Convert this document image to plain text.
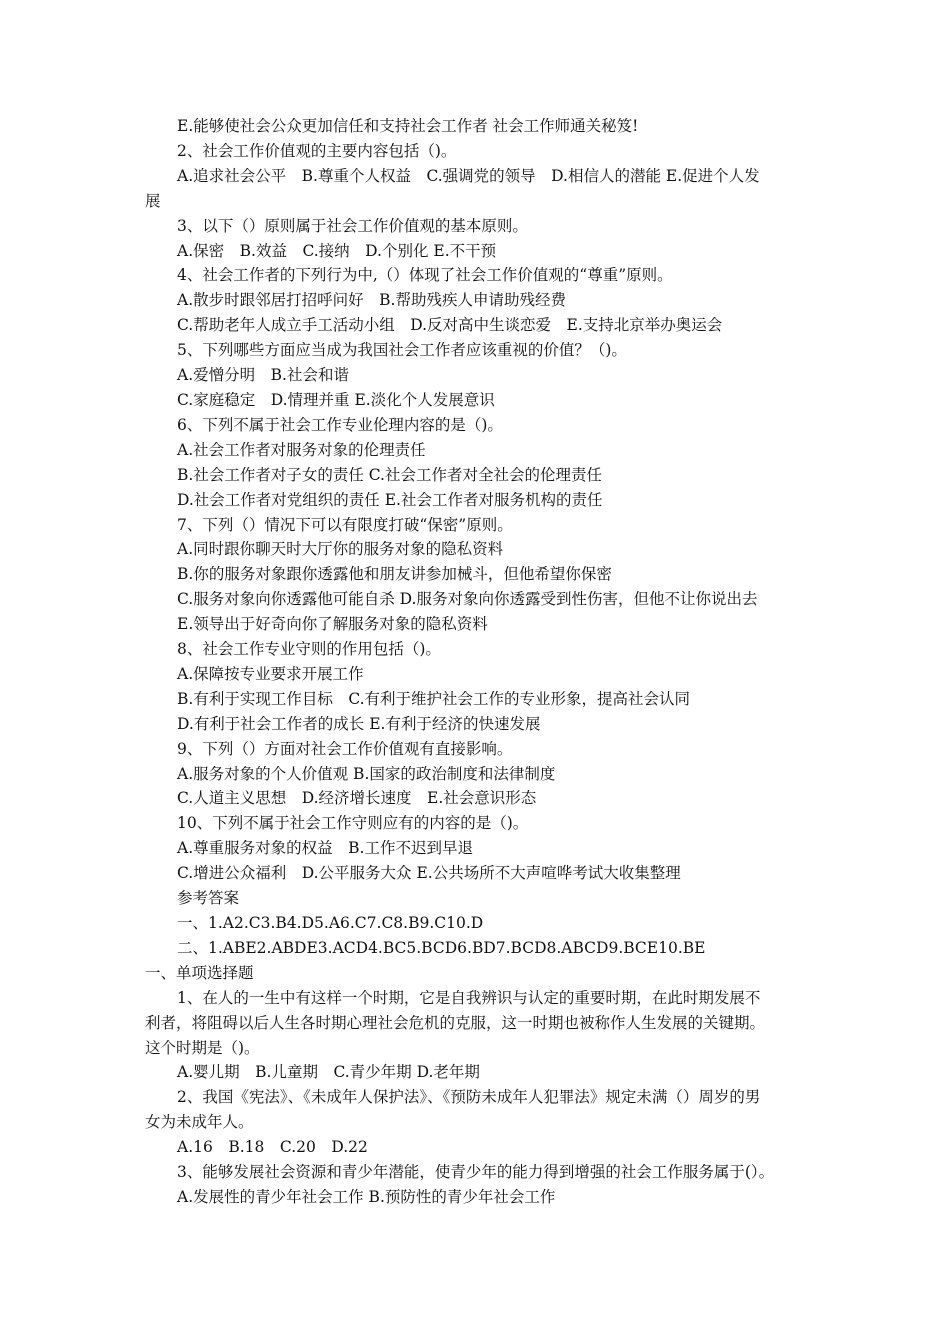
E.能够使社会公众更加信任和支持社会工作者 社会工作师通关秘笈!
2、社会工作价值观的主要内容包括（)。
A.追求社会公平　B.尊重个人权益　C.强调党的领导　D.相信人的潜能 E.促进个人发
展
3、以下（）原则属于社会工作价值观的基本原则。
A.保密　B.效益　C.接纳　D.个别化 E.不干预
4、社会工作者的下列行为中,（）体现了社会工作价值观的“尊重”原则。
A.散步时跟邻居打招呼问好　B.帮助残疾人申请助残经费
C.帮助老年人成立手工活动小组　D.反对高中生谈恋爱　E.支持北京举办奥运会
5、下列哪些方面应当成为我国社会工作者应该重视的价值？（)。
A.爱憎分明　B.社会和谐
C.家庭稳定　D.情理并重 E.淡化个人发展意识
6、下列不属于社会工作专业伦理内容的是（)。
A.社会工作者对服务对象的伦理责任
B.社会工作者对子女的责任 C.社会工作者对全社会的伦理责任
D.社会工作者对党组织的责任 E.社会工作者对服务机构的责任
7、下列（）情况下可以有限度打破“保密”原则。
A.同时跟你聊天时大厅你的服务对象的隐私资料
B.你的服务对象跟你透露他和朋友讲参加械斗，但他希望你保密
C.服务对象向你透露他可能自杀 D.服务对象向你透露受到性伤害，但他不让你说出去
E.领导出于好奇向你了解服务对象的隐私资料
8、社会工作专业守则的作用包括（)。
A.保障按专业要求开展工作
B.有利于实现工作目标　C.有利于维护社会工作的专业形象，提高社会认同
D.有利于社会工作者的成长 E.有利于经济的快速发展
9、下列（）方面对社会工作价值观有直接影响。
A.服务对象的个人价值观 B.国家的政治制度和法律制度
C.人道主义思想　D.经济增长速度　E.社会意识形态
10、下列不属于社会工作守则应有的内容的是（)。
A.尊重服务对象的权益　B.工作不迟到早退
C.增进公众福利　D.公平服务大众 E.公共场所不大声喧哗考试大收集整理
参考答案
一、1.A2.C3.B4.D5.A6.C7.C8.B9.C10.D
二、1.ABE2.ABDE3.ACD4.BC5.BCD6.BD7.BCD8.ABCD9.BCE10.BE
一、单项选择题
1、在人的一生中有这样一个时期，它是自我辨识与认定的重要时期，在此时期发展不
利者，将阻碍以后人生各时期心理社会危机的克服，这一时期也被称作人生发展的关键期。
这个时期是（)。
A.婴儿期　B.儿童期　C.青少年期 D.老年期
2、我国《宪法》、《未成年人保护法》、《预防未成年人犯罪法》规定未满（）周岁的男
女为未成年人。
A.16　B.18　C.20　D.22
3、能够发展社会资源和青少年潜能，使青少年的能力得到增强的社会工作服务属于(）。
A.发展性的青少年社会工作 B.预防性的青少年社会工作
